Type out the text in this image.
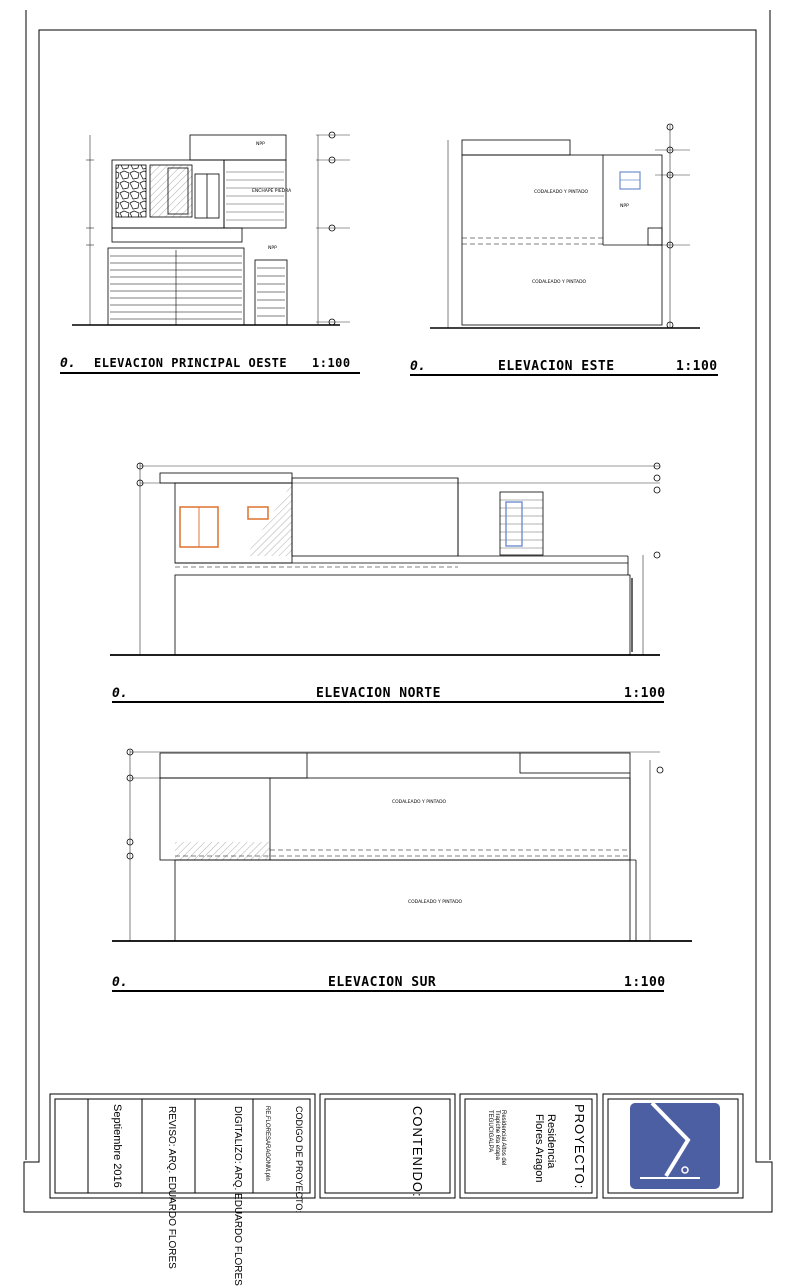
NPP
NPP
ENCHAPE PIEDRA	CODALEADO Y PINTADO
NPP
CODALEADO Y PINTADO
CODALEADO Y PINTADO
CODALEADO Y PINTADO
0. ELEVACION PRINCIPAL OESTE 1:100	0.	ELEVACION ESTE	1:100
0.	ELEVACION NORTE	1:100
0.	ELEVACION SUR	1:100
Septiembre 2016	REVISO: ARQ. EDUARDO FLORES	DIGITALIZO: ARQ. EDUARDO FLORES	CODIGO DE PROYECTO:
RE.FLORESARAGONM.pln	CONTENIDO:	PROYECTO:
Residencia Flores Aragon
Residencial Altos del Trapiche 6ta etapa TEGUCIGALPA
